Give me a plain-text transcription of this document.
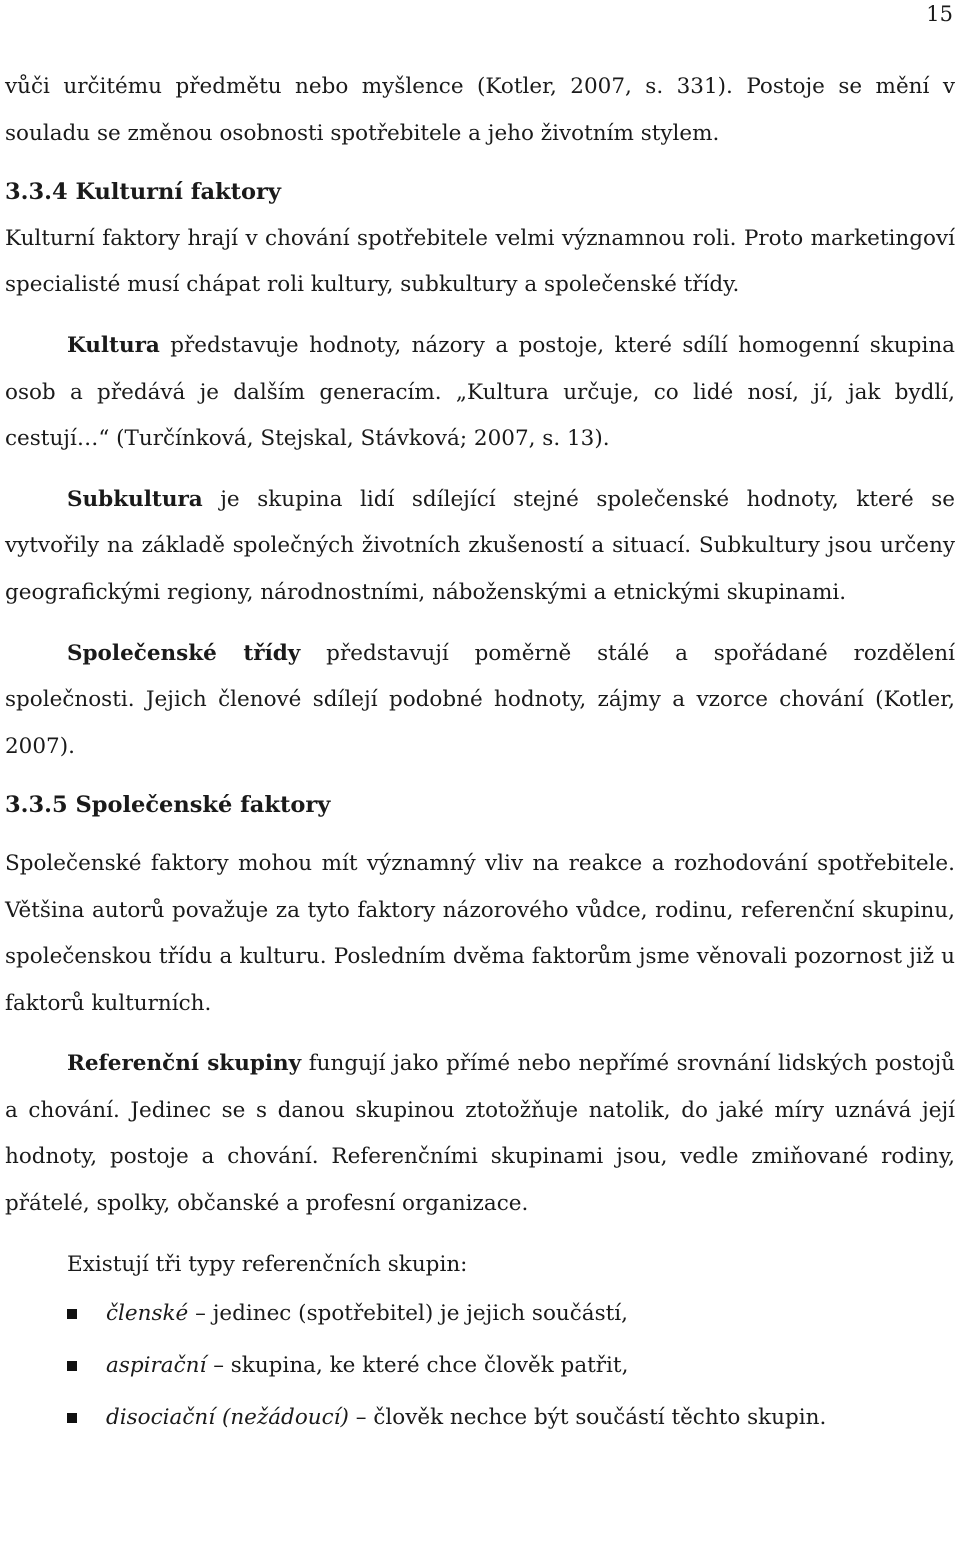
15

vůči určitému předmětu nebo myšlence (Kotler, 2007, s. 331). Postoje se mění v souladu se změnou osobnosti spotřebitele a jeho životním stylem.

3.3.4 Kulturní faktory

Kulturní faktory hrají v chování spotřebitele velmi významnou roli. Proto marketingoví specialisté musí chápat roli kultury, subkultury a společenské třídy.

Kultura představuje hodnoty, názory a postoje, které sdílí homogenní skupina osob a předává je dalším generacím. „Kultura určuje, co lidé nosí, jí, jak bydlí, cestují…“ (Turčínková, Stejskal, Stávková; 2007, s. 13).

Subkultura je skupina lidí sdílející stejné společenské hodnoty, které se vytvořily na základě společných životních zkušeností a situací. Subkultury jsou určeny geografickými regiony, národnostními, náboženskými a etnickými skupinami.

Společenské třídy představují poměrně stálé a spořádané rozdělení společnosti. Jejich členové sdílejí podobné hodnoty, zájmy a vzorce chování (Kotler, 2007).

3.3.5 Společenské faktory

Společenské faktory mohou mít významný vliv na reakce a rozhodování spotřebitele. Většina autorů považuje za tyto faktory názorového vůdce, rodinu, referenční skupinu, společenskou třídu a kulturu. Posledním dvěma faktorům jsme věnovali pozornost již u faktorů kulturních.

Referenční skupiny fungují jako přímé nebo nepřímé srovnání lidských postojů a chování. Jedinec se s danou skupinou ztotožňuje natolik, do jaké míry uznává její hodnoty, postoje a chování. Referenčními skupinami jsou, vedle zmiňované rodiny, přátelé, spolky, občanské a profesní organizace.

Existují tři typy referenčních skupin:

členské – jedinec (spotřebitel) je jejich součástí,
aspirační – skupina, ke které chce člověk patřit,
disociační (nežádoucí) – člověk nechce být součástí těchto skupin.
